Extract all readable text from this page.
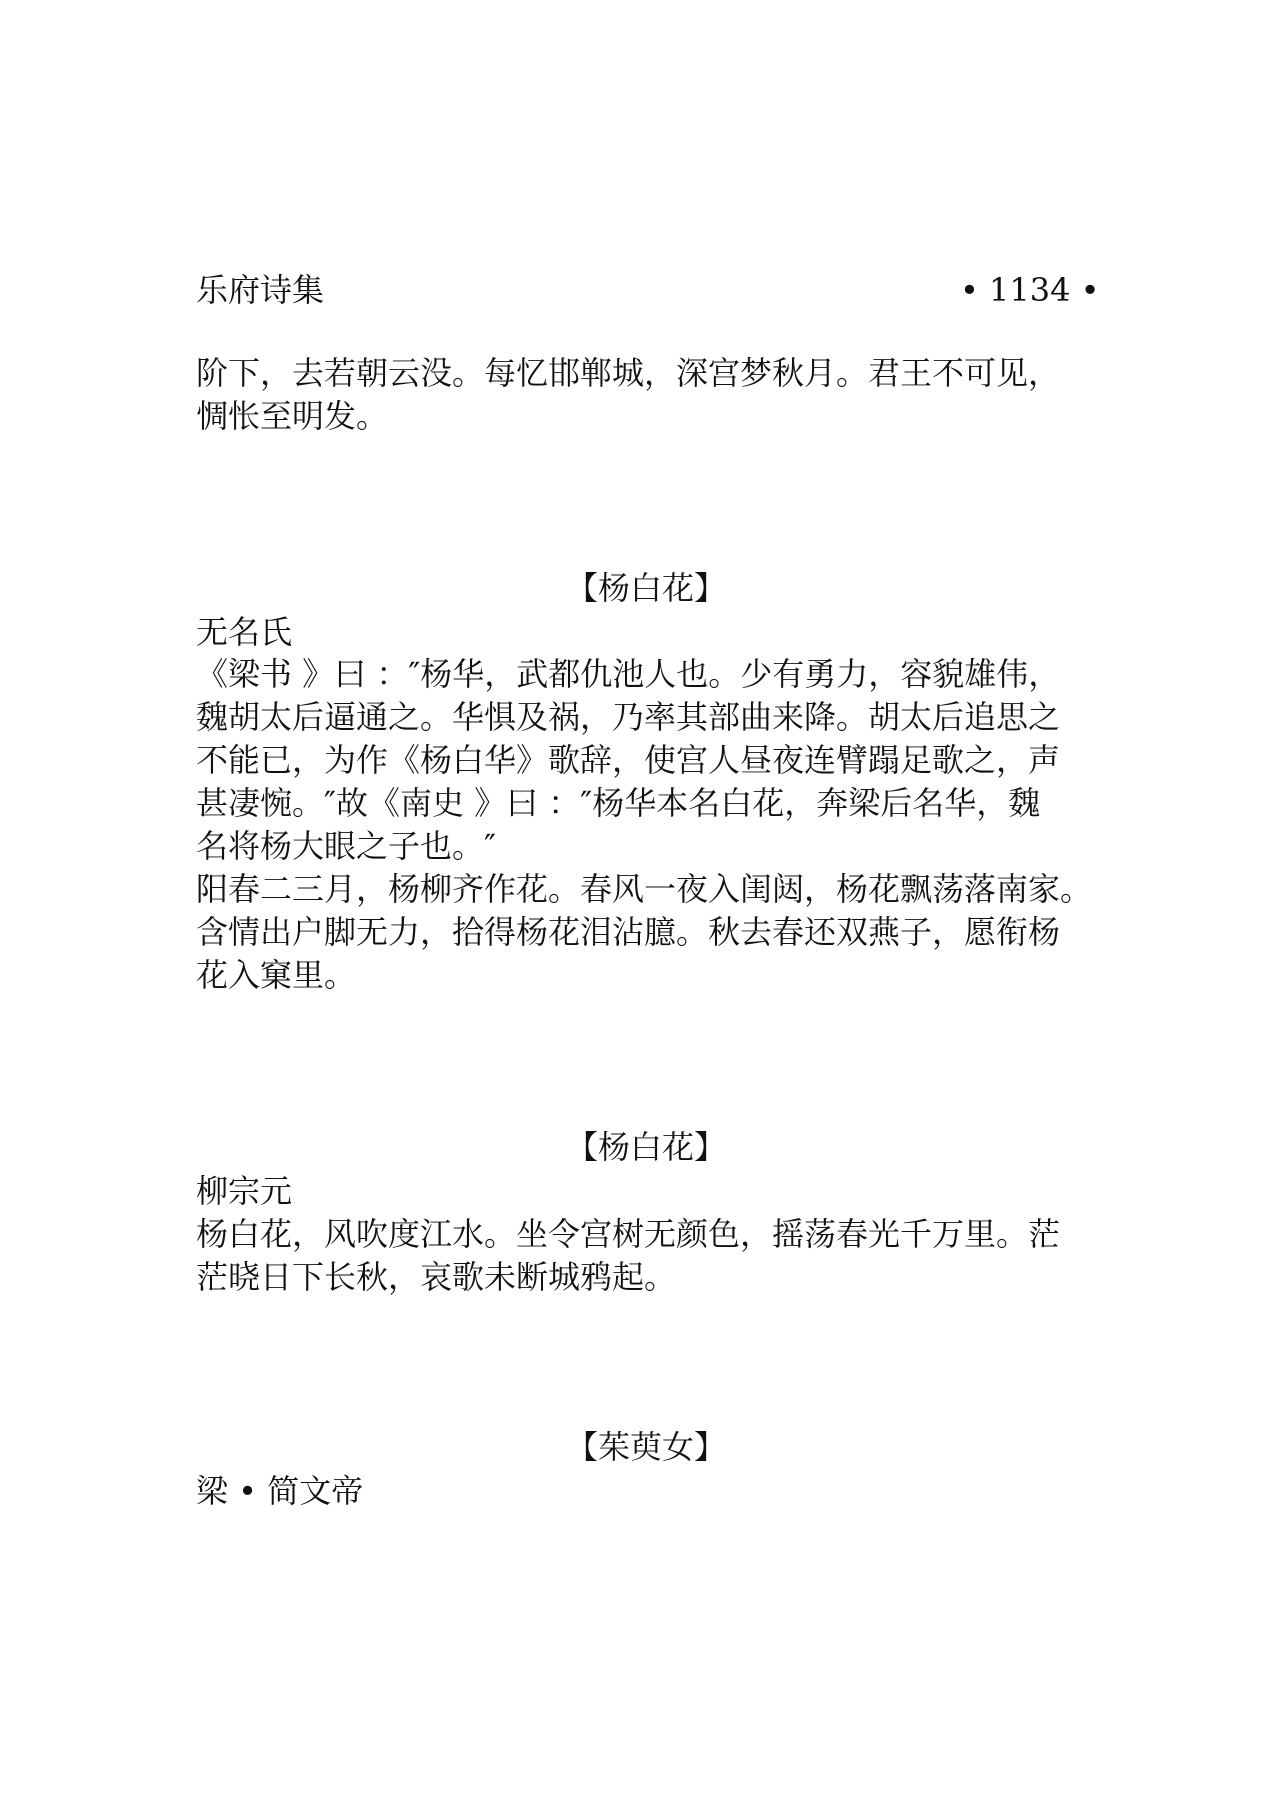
乐府诗集	• 1134 •
阶下，去若朝云没。每忆邯郸城，深宫梦秋月。君王不可见，
惆怅至明发。
【杨白花】
无名氏
《梁书 》曰 ：″杨华，武都仇池人也。少有勇力，容貌雄伟，
魏胡太后逼通之。华惧及祸，乃率其部曲来降。胡太后追思之
不能已，为作《杨白华》歌辞，使宫人昼夜连臂蹋足歌之，声
甚凄惋。″故《南史 》曰 ：″杨华本名白花，奔梁后名华，魏
名将杨大眼之子也。″
阳春二三月，杨柳齐作花。春风一夜入闺闼，杨花飘荡落南家。
含情出户脚无力，拾得杨花泪沾臆。秋去春还双燕子，愿衔杨
花入窠里。
【杨白花】
柳宗元
杨白花，风吹度江水。坐令宫树无颜色，摇荡春光千万里。茫
茫晓日下长秋，哀歌未断城鸦起。
【茱萸女】
梁 • 简文帝
